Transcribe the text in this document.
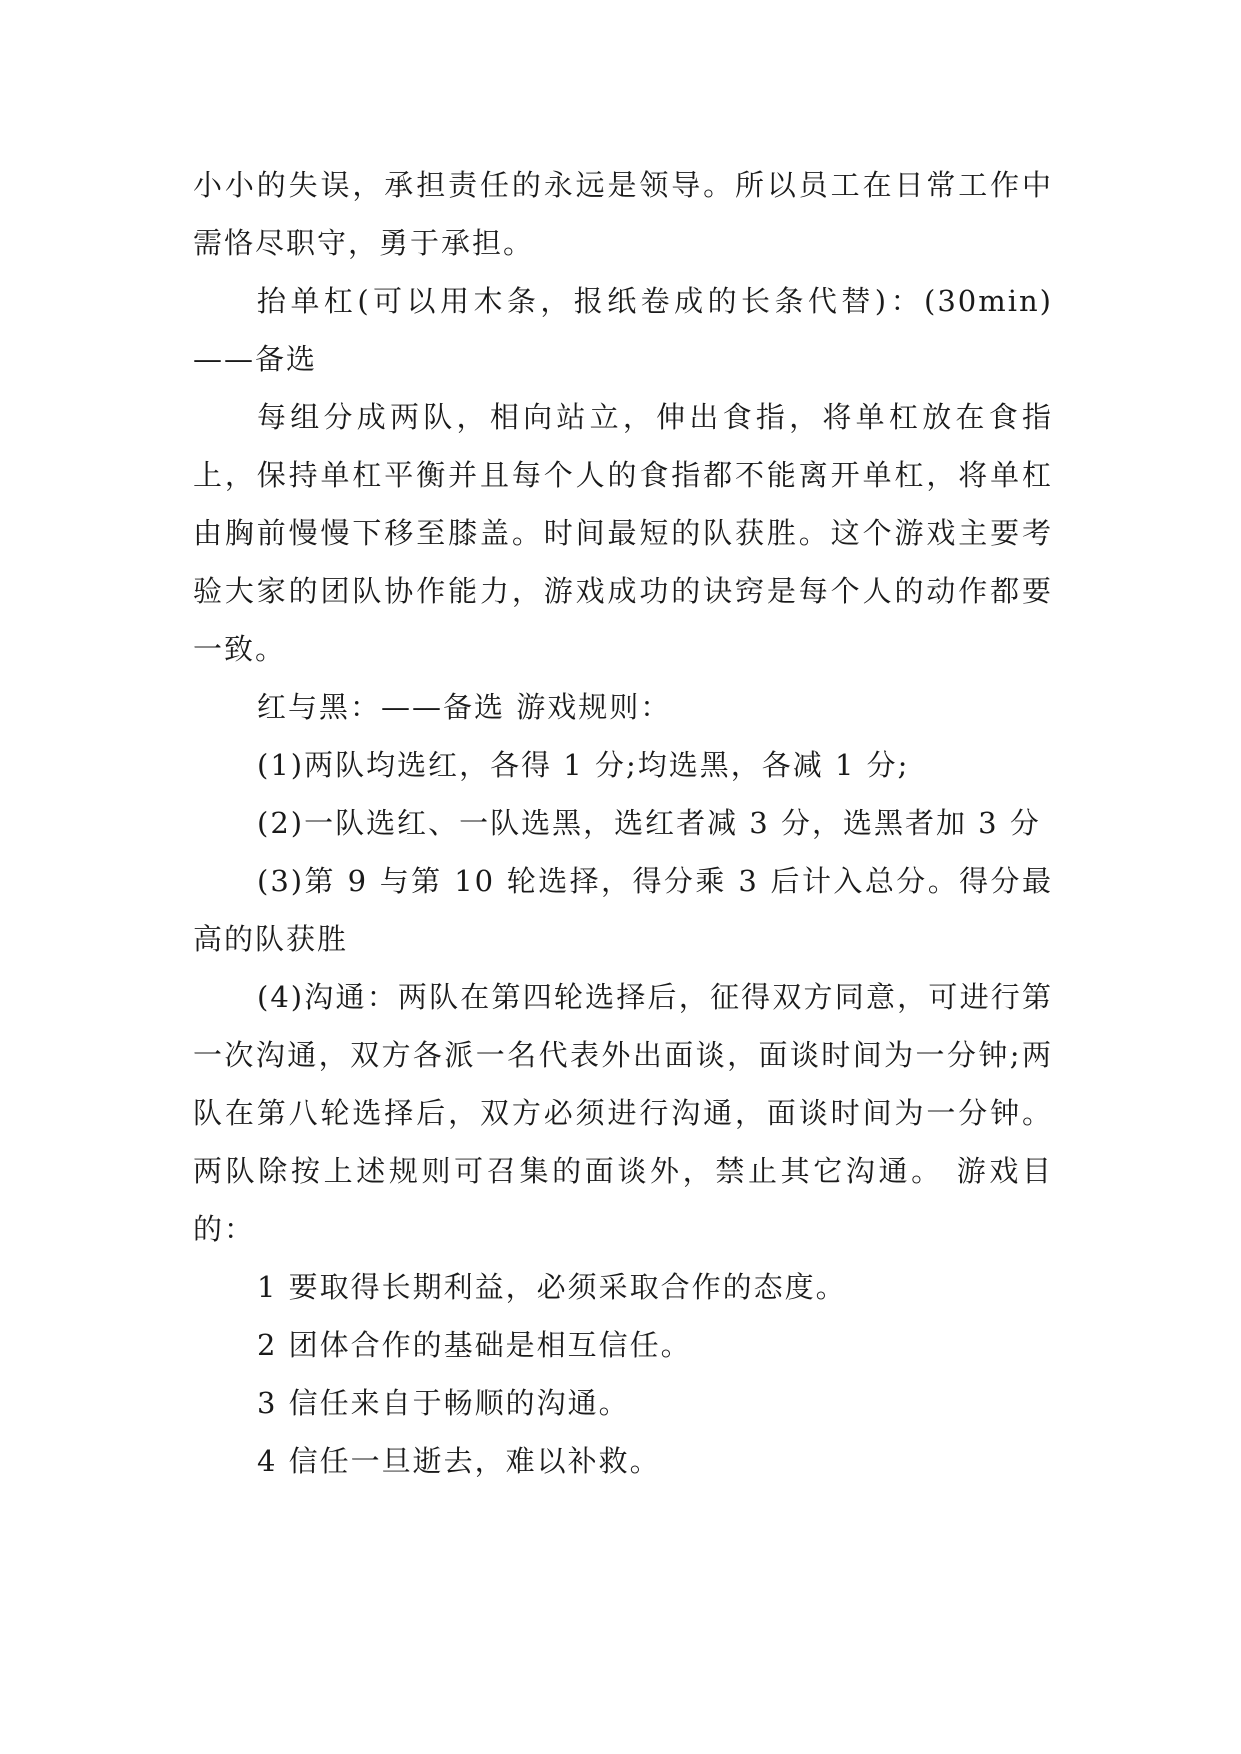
小小的失误，承担责任的永远是领导。所以员工在日常工作中需恪尽职守，勇于承担。

抬单杠(可以用木条，报纸卷成的长条代替)：(30min)——备选

每组分成两队，相向站立，伸出食指，将单杠放在食指上，保持单杠平衡并且每个人的食指都不能离开单杠，将单杠由胸前慢慢下移至膝盖。时间最短的队获胜。这个游戏主要考验大家的团队协作能力，游戏成功的诀窍是每个人的动作都要一致。

红与黑：——备选 游戏规则：

(1)两队均选红，各得 1 分;均选黑，各减 1 分;

(2)一队选红、一队选黑，选红者减 3 分，选黑者加 3 分

(3)第 9 与第 10 轮选择，得分乘 3 后计入总分。得分最高的队获胜

(4)沟通：两队在第四轮选择后，征得双方同意，可进行第一次沟通，双方各派一名代表外出面谈，面谈时间为一分钟;两队在第八轮选择后，双方必须进行沟通，面谈时间为一分钟。两队除按上述规则可召集的面谈外，禁止其它沟通。 游戏目的：

1 要取得长期利益，必须采取合作的态度。

2 团体合作的基础是相互信任。

3 信任来自于畅顺的沟通。

4 信任一旦逝去，难以补救。
